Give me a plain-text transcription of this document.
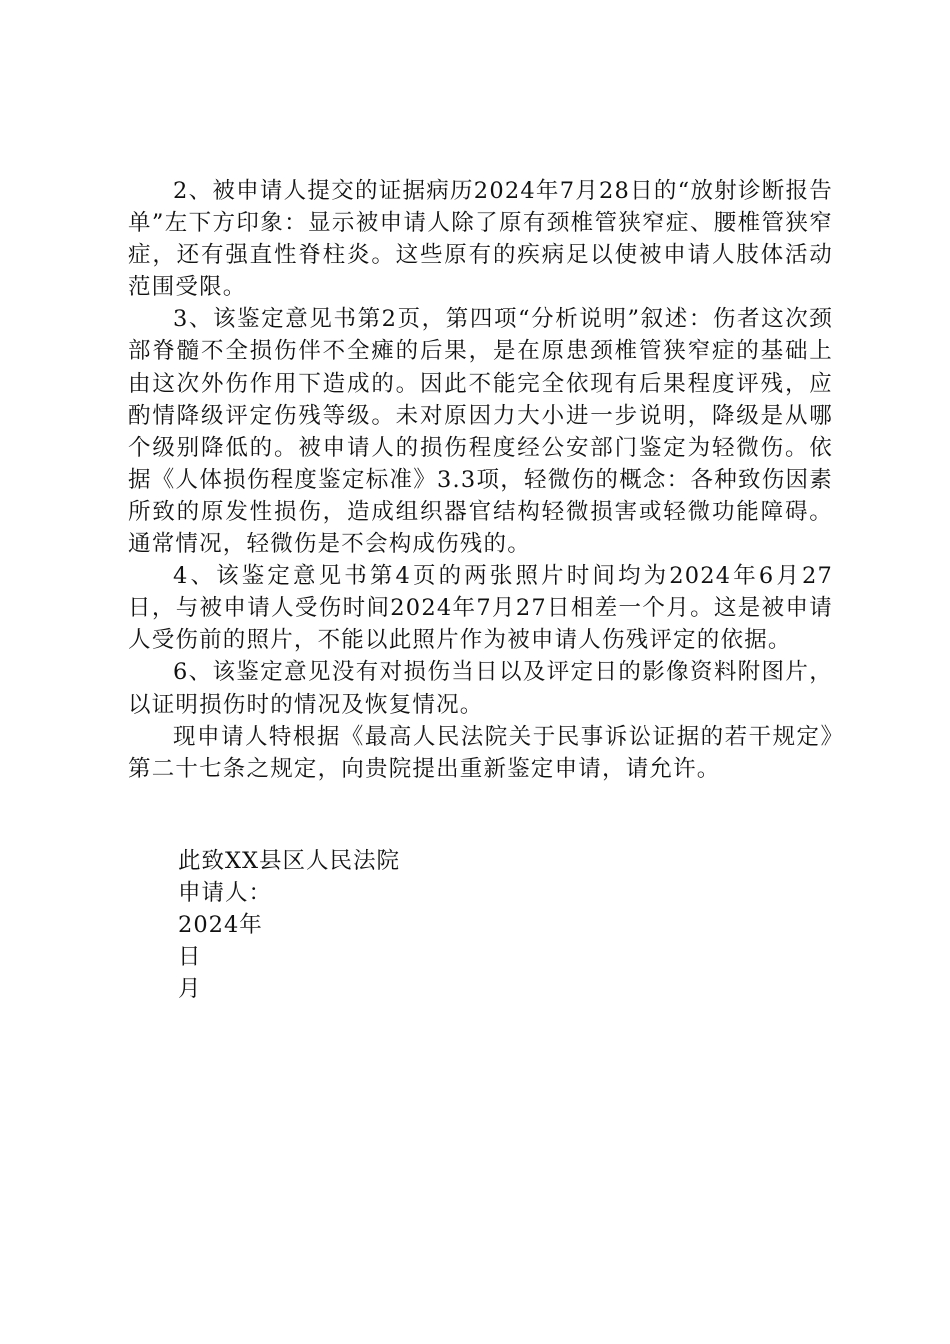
2、被申请人提交的证据病历2024年7月28日的“放射诊断报告单”左下方印象：显示被申请人除了原有颈椎管狭窄症、腰椎管狭窄症，还有强直性脊柱炎。这些原有的疾病足以使被申请人肢体活动范围受限。

3、该鉴定意见书第2页，第四项“分析说明”叙述：伤者这次颈部脊髓不全损伤伴不全瘫的后果，是在原患颈椎管狭窄症的基础上由这次外伤作用下造成的。因此不能完全依现有后果程度评残，应酌情降级评定伤残等级。未对原因力大小进一步说明，降级是从哪个级别降低的。被申请人的损伤程度经公安部门鉴定为轻微伤。依据《人体损伤程度鉴定标准》3.3项，轻微伤的概念：各种致伤因素所致的原发性损伤，造成组织器官结构轻微损害或轻微功能障碍。通常情况，轻微伤是不会构成伤残的。

4、该鉴定意见书第4页的两张照片时间均为2024年6月27日，与被申请人受伤时间2024年7月27日相差一个月。这是被申请人受伤前的照片，不能以此照片作为被申请人伤残评定的依据。

6、该鉴定意见没有对损伤当日以及评定日的影像资料附图片，以证明损伤时的情况及恢复情况。

现申请人特根据《最高人民法院关于民事诉讼证据的若干规定》第二十七条之规定，向贵院提出重新鉴定申请，请允许。

此致XX县区人民法院
申请人：
2024年
日
月
